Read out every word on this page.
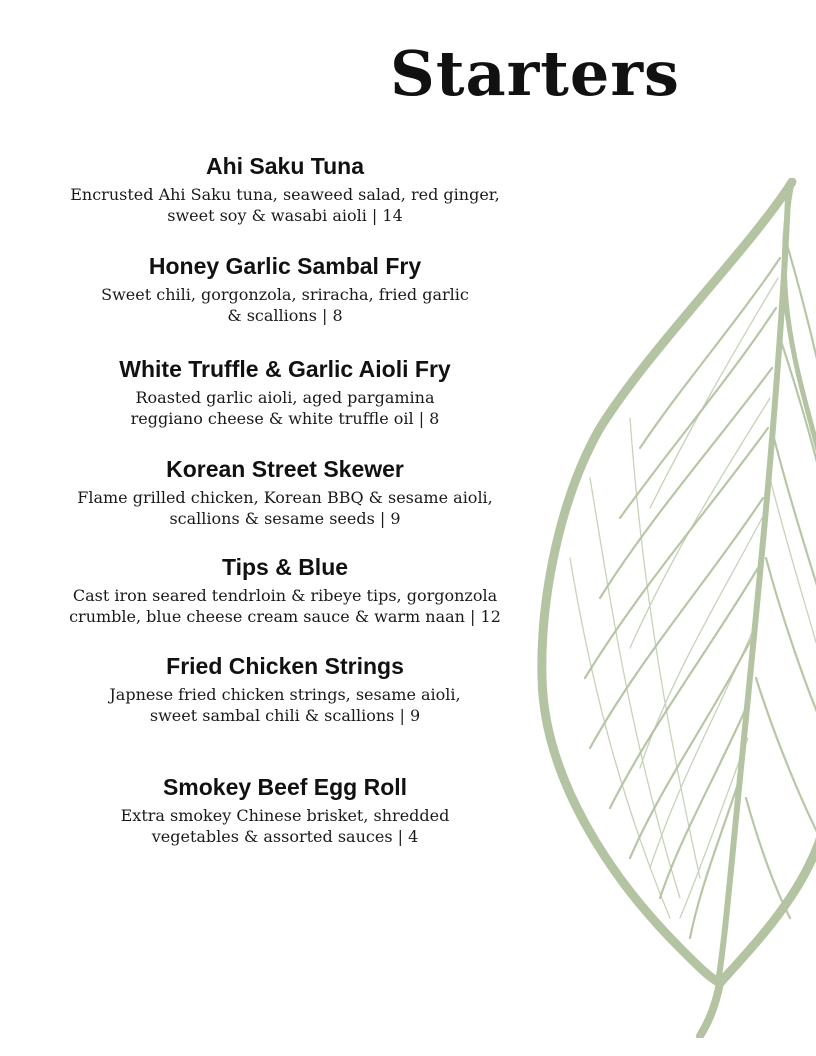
Starters
Ahi Saku Tuna
Encrusted Ahi Saku tuna, seaweed salad, red ginger,
sweet soy & wasabi aioli | 14
Honey Garlic Sambal Fry
Sweet chili, gorgonzola, sriracha, fried garlic
& scallions | 8
White Truffle & Garlic Aioli Fry
Roasted garlic aioli, aged pargamina
reggiano cheese & white truffle oil | 8
Korean Street Skewer
Flame grilled chicken, Korean BBQ & sesame aioli,
scallions & sesame seeds | 9
Tips & Blue
Cast iron seared tendrloin & ribeye tips, gorgonzola
crumble, blue cheese cream sauce & warm naan | 12
Fried Chicken Strings
Japnese fried chicken strings, sesame aioli,
sweet sambal chili & scallions | 9
Smokey Beef Egg Roll
Extra smokey Chinese brisket, shredded
vegetables & assorted sauces | 4
